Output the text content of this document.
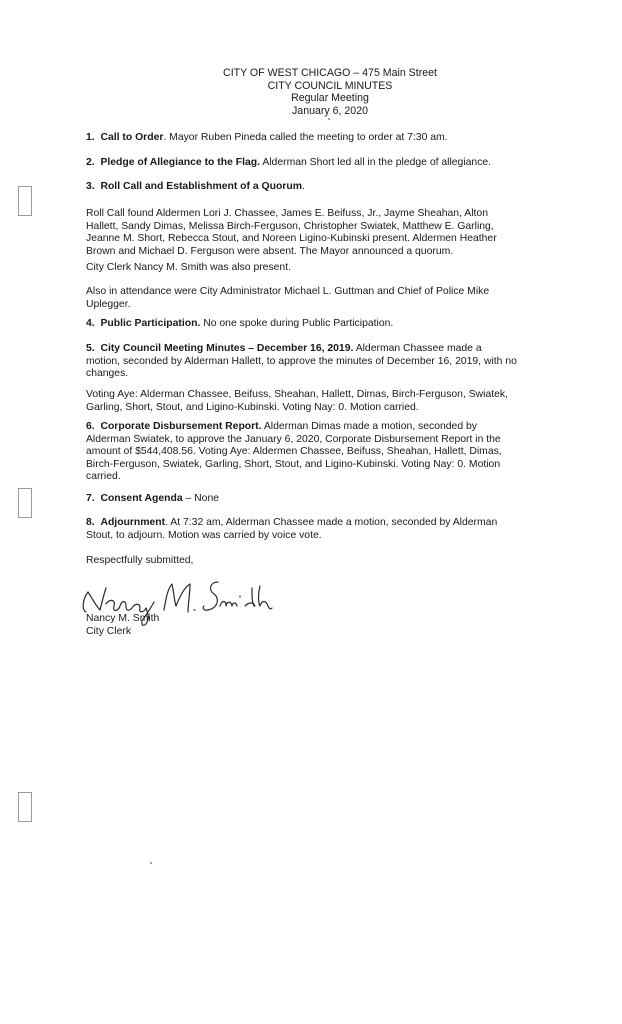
CITY OF WEST CHICAGO – 475 Main Street
CITY COUNCIL MINUTES
Regular Meeting
January 6, 2020
1. Call to Order. Mayor Ruben Pineda called the meeting to order at 7:30 am.
2. Pledge of Allegiance to the Flag. Alderman Short led all in the pledge of allegiance.
3. Roll Call and Establishment of a Quorum.

Roll Call found Aldermen Lori J. Chassee, James E. Beifuss, Jr., Jayme Sheahan, Alton

Hallett, Sandy Dimas, Melissa Birch-Ferguson, Christopher Swiatek, Matthew E. Garling,

Jeanne M. Short, Rebecca Stout, and Noreen Ligino-Kubinski present. Aldermen Heather

Brown and Michael D. Ferguson were absent. The Mayor announced a quorum.

City Clerk Nancy M. Smith was also present.

Also in attendance were City Administrator Michael L. Guttman and Chief of Police Mike

Uplegger.

4. Public Participation. No one spoke during Public Participation.
5. City Council Meeting Minutes – December 16, 2019. Alderman Chassee made a

motion, seconded by Alderman Hallett, to approve the minutes of December 16, 2019, with no

changes.

Voting Aye: Alderman Chassee, Beifuss, Sheahan, Hallett, Dimas, Birch-Ferguson, Swiatek,

Garling, Short, Stout, and Ligino-Kubinski. Voting Nay: 0. Motion carried.

6. Corporate Disbursement Report. Alderman Dimas made a motion, seconded by

Alderman Swiatek, to approve the January 6, 2020, Corporate Disbursement Report in the

amount of $544,408.56. Voting Aye: Aldermen Chassee, Beifuss, Sheahan, Hallett, Dimas,

Birch-Ferguson, Swiatek, Garling, Short, Stout, and Ligino-Kubinski. Voting Nay: 0. Motion

carried.

7. Consent Agenda – None
8. Adjournment. At 7:32 am, Alderman Chassee made a motion, seconded by Alderman

Stout, to adjourn. Motion was carried by voice vote.

Respectfully submitted,

Nancy M. Smith

City Clerk
